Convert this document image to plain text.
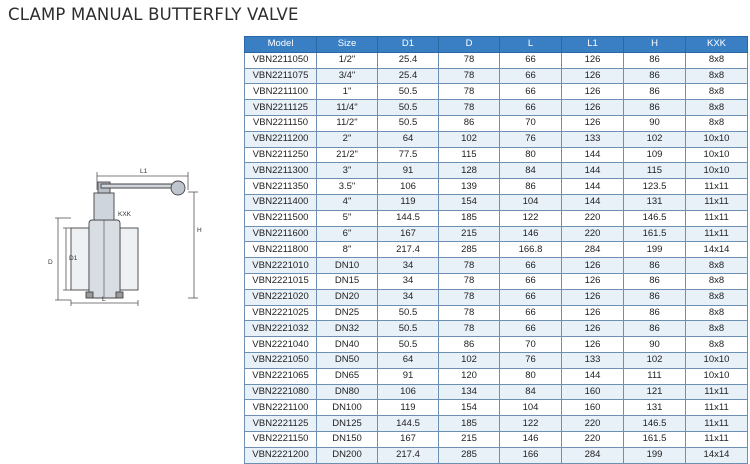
CLAMP MANUAL BUTTERFLY VALVE
L1
KXK
H
D
D1
L
Model	Size	D1	D	L	L1	H	KXK
VBN2211050	1/2"	25.4	78	66	126	86	8x8
VBN2211075	3/4"	25.4	78	66	126	86	8x8
VBN2211100	1"	50.5	78	66	126	86	8x8
VBN2211125	11/4"	50.5	78	66	126	86	8x8
VBN2211150	11/2"	50.5	86	70	126	90	8x8
VBN2211200	2"	64	102	76	133	102	10x10
VBN2211250	21/2"	77.5	115	80	144	109	10x10
VBN2211300	3"	91	128	84	144	115	10x10
VBN2211350	3.5"	106	139	86	144	123.5	11x11
VBN2211400	4"	119	154	104	144	131	11x11
VBN2211500	5"	144.5	185	122	220	146.5	11x11
VBN2211600	6"	167	215	146	220	161.5	11x11
VBN2211800	8"	217.4	285	166.8	284	199	14x14
VBN2221010	DN10	34	78	66	126	86	8x8
VBN2221015	DN15	34	78	66	126	86	8x8
VBN2221020	DN20	34	78	66	126	86	8x8
VBN2221025	DN25	50.5	78	66	126	86	8x8
VBN2221032	DN32	50.5	78	66	126	86	8x8
VBN2221040	DN40	50.5	86	70	126	90	8x8
VBN2221050	DN50	64	102	76	133	102	10x10
VBN2221065	DN65	91	120	80	144	111	10x10
VBN2221080	DN80	106	134	84	160	121	11x11
VBN2221100	DN100	119	154	104	160	131	11x11
VBN2221125	DN125	144.5	185	122	220	146.5	11x11
VBN2221150	DN150	167	215	146	220	161.5	11x11
VBN2221200	DN200	217.4	285	166	284	199	14x14
